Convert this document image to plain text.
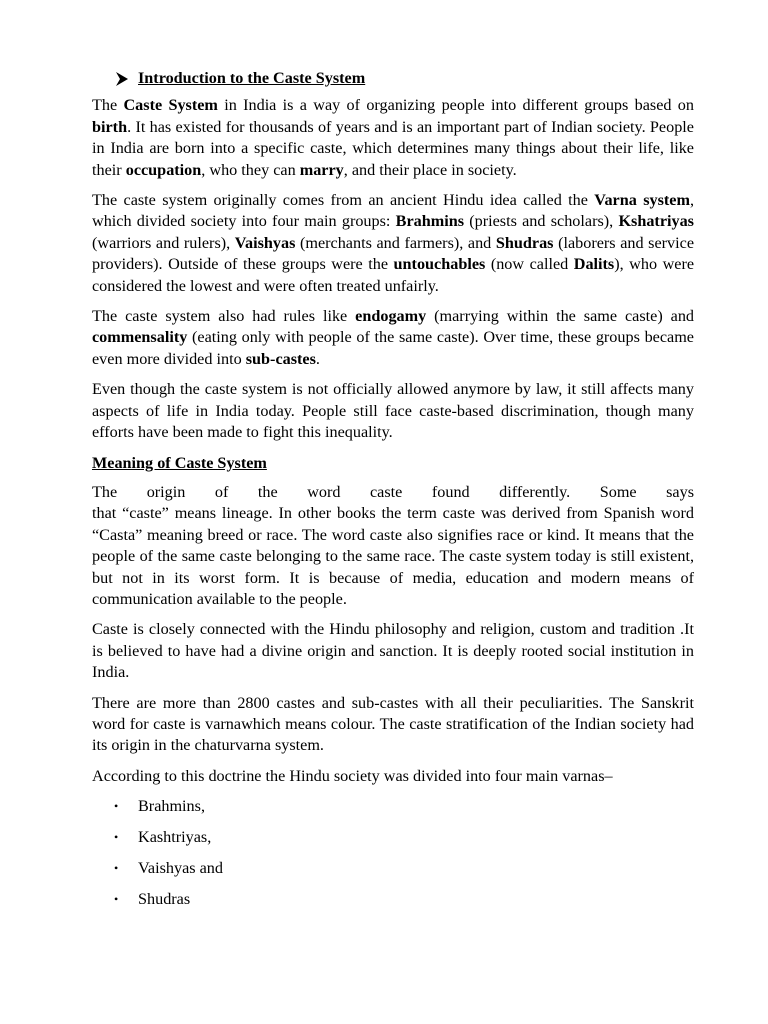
Introduction to the Caste System

The Caste System in India is a way of organizing people into different groups based on birth. It has existed for thousands of years and is an important part of Indian society. People in India are born into a specific caste, which determines many things about their life, like their occupation, who they can marry, and their place in society.

The caste system originally comes from an ancient Hindu idea called the Varna system, which divided society into four main groups: Brahmins (priests and scholars), Kshatriyas (warriors and rulers), Vaishyas (merchants and farmers), and Shudras (laborers and service providers). Outside of these groups were the untouchables (now called Dalits), who were considered the lowest and were often treated unfairly.

The caste system also had rules like endogamy (marrying within the same caste) and commensality (eating only with people of the same caste). Over time, these groups became even more divided into sub-castes.

Even though the caste system is not officially allowed anymore by law, it still affects many aspects of life in India today. People still face caste-based discrimination, though many efforts have been made to fight this inequality.

Meaning of Caste System

The origin of the word caste found differently. Some says
that “caste” means lineage. In other books the term caste was derived from Spanish word “Casta” meaning breed or race. The word caste also signifies race or kind. It means that the people of the same caste belonging to the same race. The caste system today is still existent, but not in its worst form. It is because of media, education and modern means of communication available to the people.

Caste is closely connected with the Hindu philosophy and religion, custom and tradition .It is believed to have had a divine origin and sanction. It is deeply rooted social institution in India.

There are more than 2800 castes and sub-castes with all their peculiarities. The Sanskrit word for caste is varnawhich means colour. The caste stratification of the Indian society had its origin in the chaturvarna system.

According to this doctrine the Hindu society was divided into four main varnas–

•	Brahmins,
•	Kashtriyas,
•	Vaishyas and
•	Shudras
